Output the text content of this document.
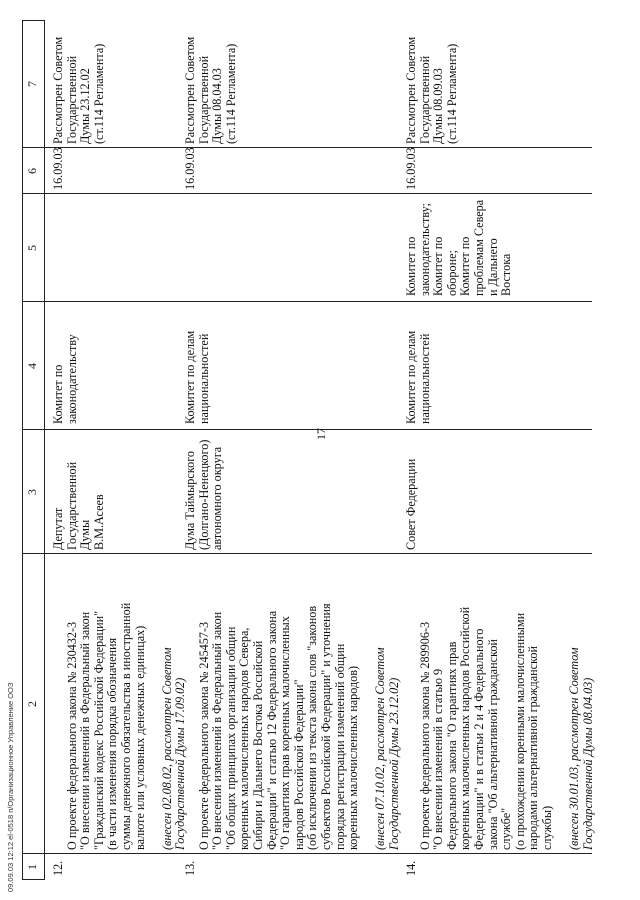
17
1
2
3
4
5
6
7
12.

О проекте федерального закона № 230432-3
"О внесении изменений в Федеральный закон
"Гражданский кодекс Российской Федерации"
(в части изменения порядка обозначения
суммы денежного обязательства в иностранной
валюте или условных денежных единицах)

(внесен 02.08.02, рассмотрен Советом
Государственной Думы 17.09.02)

Депутат
Государственной
Думы
В.М.Асеев
Комитет по
законодательству
16.09.03
Рассмотрен Советом
Государственной
Думы 23.12.02
(ст.114 Регламента)
13.

О проекте федерального закона № 245457-3
"О внесении изменений в Федеральный закон
"Об общих принципах организации общин
коренных малочисленных народов Севера,
Сибири и Дальнего Востока Российской
Федерации" и статью 12 Федерального закона
"О гарантиях прав коренных малочисленных
народов Российской Федерации"
(об исключении из текста закона слов "законов
субъектов Российской Федерации" и уточнения
порядка регистрации изменений общин
коренных малочисленных народов)

(внесен 07.10.02, рассмотрен Советом
Государственной Думы 23.12.02)

Дума Таймырского
(Долгано-Ненецкого)
автономного округа
Комитет по делам
национальностей
16.09.03
Рассмотрен Советом
Государственной
Думы 08.04.03
(ст.114 Регламента)
14.

О проекте федерального закона № 289906-3
"О внесении изменений в статью 9
Федерального закона "О гарантиях прав
коренных малочисленных народов Российской
Федерации" и в статьи 2 и 4 Федерального
закона "Об альтернативной гражданской
службе"
(о прохождении коренными малочисленными
народами альтернативной гражданской
службы) (внесен 30.01.03, рассмотрен Советом
Государственной Думы 08.04.03)

Совет Федерации
Комитет по делам
национальностей
Комитет по
законодательству;
Комитет по
обороне;
Комитет по
проблемам Севера
и Дальнего
Востока
16.09.03
Рассмотрен Советом
Государственной
Думы 08.09.03
(ст.114 Регламента)
09.09.03 12:12 el-0518 п/Организационное Управление ООЗ
